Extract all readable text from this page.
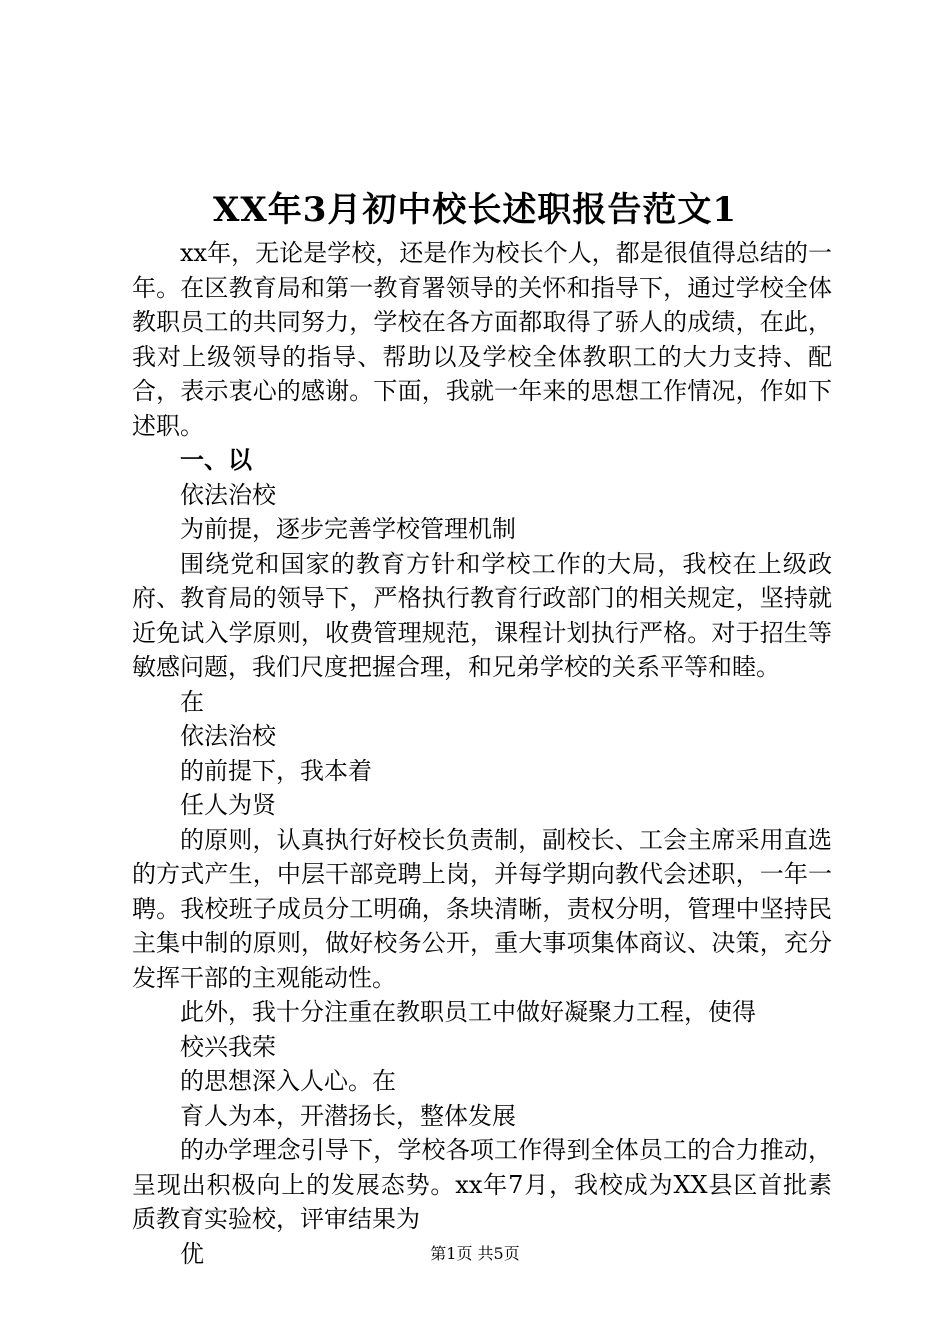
XX年3月初中校长述职报告范文1

xx年，无论是学校，还是作为校长个人，都是很值得总结的一年。在区教育局和第一教育署领导的关怀和指导下，通过学校全体教职员工的共同努力，学校在各方面都取得了骄人的成绩，在此，我对上级领导的指导、帮助以及学校全体教职工的大力支持、配合，表示衷心的感谢。下面，我就一年来的思想工作情况，作如下述职。

一、以

依法治校

为前提，逐步完善学校管理机制

围绕党和国家的教育方针和学校工作的大局，我校在上级政府、教育局的领导下，严格执行教育行政部门的相关规定，坚持就近免试入学原则，收费管理规范，课程计划执行严格。对于招生等敏感问题，我们尺度把握合理，和兄弟学校的关系平等和睦。

在

依法治校

的前提下，我本着

任人为贤

的原则，认真执行好校长负责制，副校长、工会主席采用直选的方式产生，中层干部竞聘上岗，并每学期向教代会述职，一年一聘。我校班子成员分工明确，条块清晰，责权分明，管理中坚持民主集中制的原则，做好校务公开，重大事项集体商议、决策，充分发挥干部的主观能动性。

此外，我十分注重在教职员工中做好凝聚力工程，使得

校兴我荣

的思想深入人心。在

育人为本，开潜扬长，整体发展

的办学理念引导下，学校各项工作得到全体员工的合力推动，呈现出积极向上的发展态势。xx年7月，我校成为XX县区首批素质教育实验校，评审结果为

优	第1页 共5页
